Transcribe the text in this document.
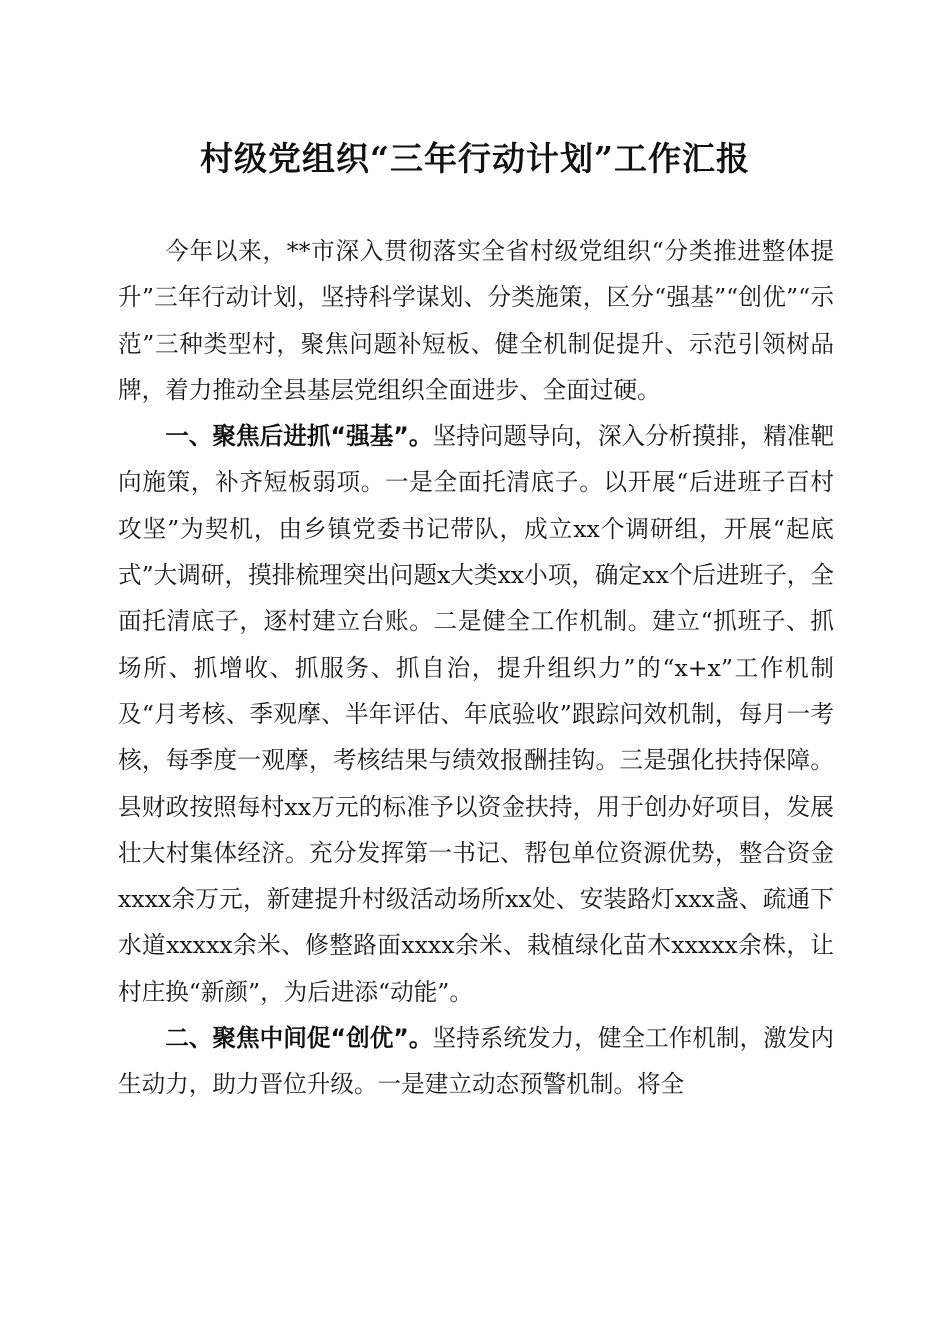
村级党组织“三年行动计划”工作汇报

今年以来，**市深入贯彻落实全省村级党组织“分类推进整体提升”三年行动计划，坚持科学谋划、分类施策，区分“强基”“创优”“示范”三种类型村，聚焦问题补短板、健全机制促提升、示范引领树品牌，着力推动全县基层党组织全面进步、全面过硬。

一、聚焦后进抓“强基”。坚持问题导向，深入分析摸排，精准靶向施策，补齐短板弱项。一是全面托清底子。以开展“后进班子百村攻坚”为契机，由乡镇党委书记带队，成立xx个调研组，开展“起底式”大调研，摸排梳理突出问题x大类xx小项，确定xx个后进班子，全面托清底子，逐村建立台账。二是健全工作机制。建立“抓班子、抓场所、抓增收、抓服务、抓自治，提升组织力”的“x+x”工作机制及“月考核、季观摩、半年评估、年底验收”跟踪问效机制，每月一考核，每季度一观摩，考核结果与绩效报酬挂钩。三是强化扶持保障。县财政按照每村xx万元的标准予以资金扶持，用于创办好项目，发展壮大村集体经济。充分发挥第一书记、帮包单位资源优势，整合资金xxxx余万元，新建提升村级活动场所xx处、安装路灯xxx盏、疏通下水道xxxxx余米、修整路面xxxx余米、栽植绿化苗木xxxxx余株，让村庄换“新颜”，为后进添“动能”。

二、聚焦中间促“创优”。坚持系统发力，健全工作机制，激发内生动力，助力晋位升级。一是建立动态预警机制。将全
